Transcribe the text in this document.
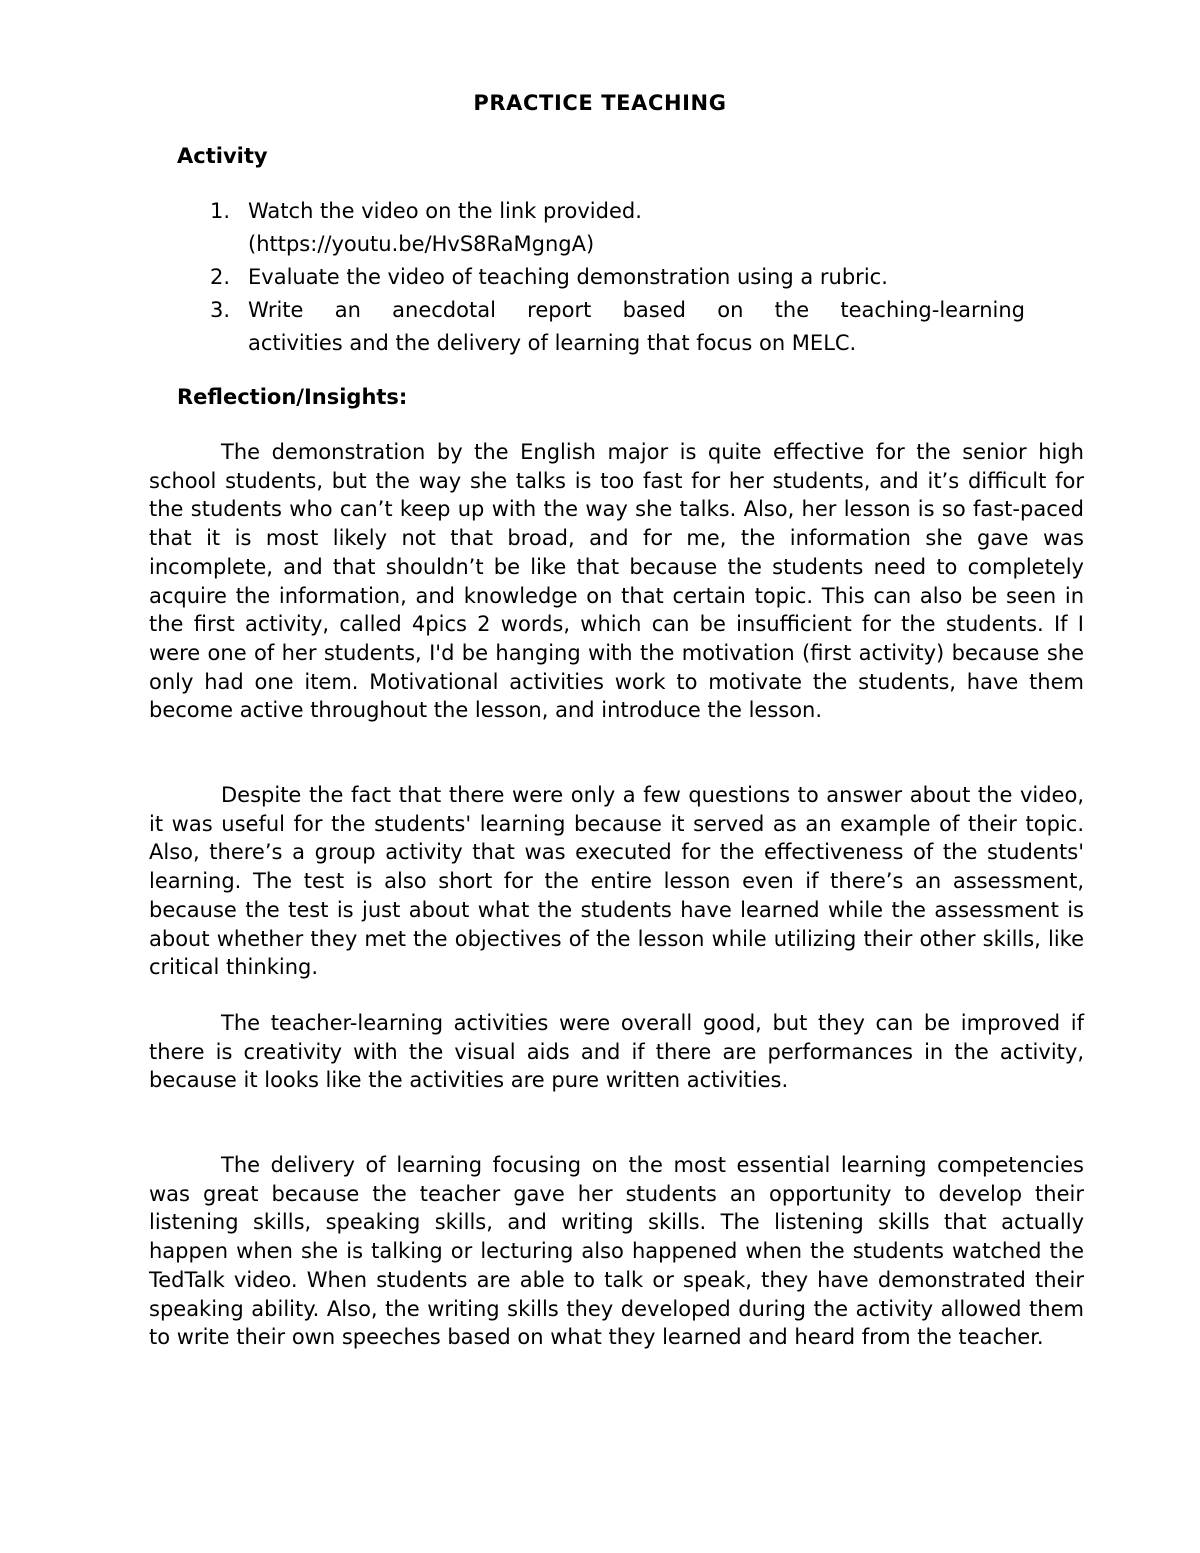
PRACTICE TEACHING
Activity
1. Watch the video on the link provided.
(https://youtu.be/HvS8RaMgngA)
2. Evaluate the video of teaching demonstration using a rubric.
3. Write an anecdotal report based on the teaching-learning
activities and the delivery of learning that focus on MELC.
Reflection/Insights:

The demonstration by the English major is quite effective for the senior high school students, but the way she talks is too fast for her students, and it’s difficult for the students who can’t keep up with the way she talks. Also, her lesson is so fast-paced that it is most likely not that broad, and for me, the information she gave was incomplete, and that shouldn’t be like that because the students need to completely acquire the information, and knowledge on that certain topic. This can also be seen in the first activity, called 4pics 2 words, which can be insufficient for the students. If I were one of her students, I'd be hanging with the motivation (first activity) because she only had one item. Motivational activities work to motivate the students, have them become active throughout the lesson, and introduce the lesson.

Despite the fact that there were only a few questions to answer about the video, it was useful for the students' learning because it served as an example of their topic. Also, there’s a group activity that was executed for the effectiveness of the students' learning. The test is also short for the entire lesson even if there’s an assessment, because the test is just about what the students have learned while the assessment is about whether they met the objectives of the lesson while utilizing their other skills, like critical thinking.

The teacher-learning activities were overall good, but they can be improved if there is creativity with the visual aids and if there are performances in the activity, because it looks like the activities are pure written activities.

The delivery of learning focusing on the most essential learning competencies was great because the teacher gave her students an opportunity to develop their listening skills, speaking skills, and writing skills. The listening skills that actually happen when she is talking or lecturing also happened when the students watched the TedTalk video. When students are able to talk or speak, they have demonstrated their speaking ability. Also, the writing skills they developed during the activity allowed them to write their own speeches based on what they learned and heard from the teacher.
